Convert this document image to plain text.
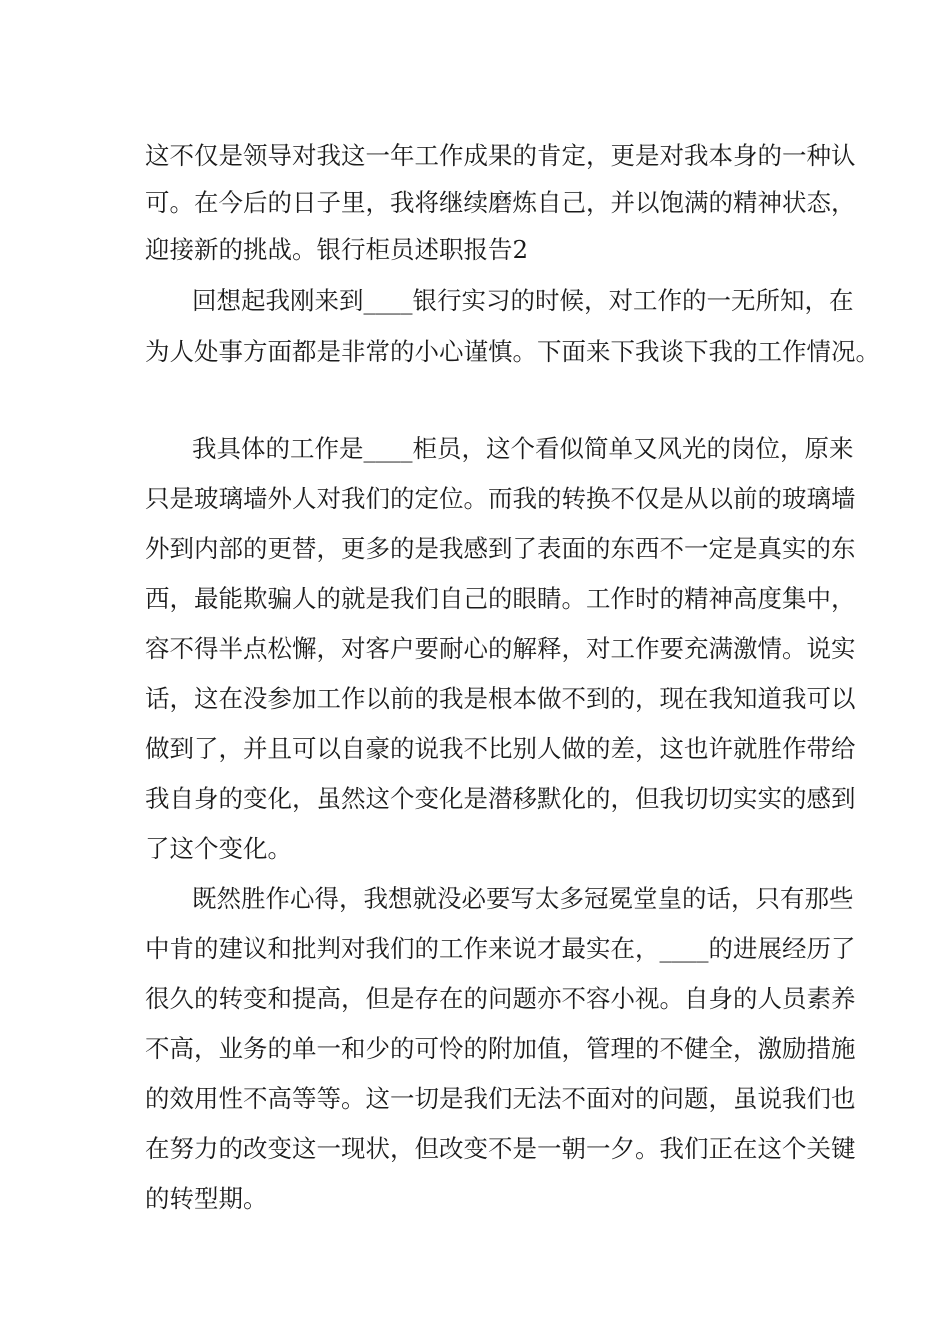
这不仅是领导对我这一年工作成果的肯定，更是对我本身的一种认
可。在今后的日子里，我将继续磨炼自己，并以饱满的精神状态，
迎接新的挑战。银行柜员述职报告2
回想起我刚来到____银行实习的时候，对工作的一无所知，在
为人处事方面都是非常的小心谨慎。下面来下我谈下我的工作情况。
我具体的工作是____柜员，这个看似简单又风光的岗位，原来
只是玻璃墙外人对我们的定位。而我的转换不仅是从以前的玻璃墙
外到内部的更替，更多的是我感到了表面的东西不一定是真实的东
西，最能欺骗人的就是我们自己的眼睛。工作时的精神高度集中，
容不得半点松懈，对客户要耐心的解释，对工作要充满激情。说实
话，这在没参加工作以前的我是根本做不到的，现在我知道我可以
做到了，并且可以自豪的说我不比别人做的差，这也许就胜作带给
我自身的变化，虽然这个变化是潜移默化的，但我切切实实的感到
了这个变化。
既然胜作心得，我想就没必要写太多冠冕堂皇的话，只有那些
中肯的建议和批判对我们的工作来说才最实在，____的进展经历了
很久的转变和提高，但是存在的问题亦不容小视。自身的人员素养
不高，业务的单一和少的可怜的附加值，管理的不健全，激励措施
的效用性不高等等。这一切是我们无法不面对的问题，虽说我们也
在努力的改变这一现状，但改变不是一朝一夕。我们正在这个关键
的转型期。
